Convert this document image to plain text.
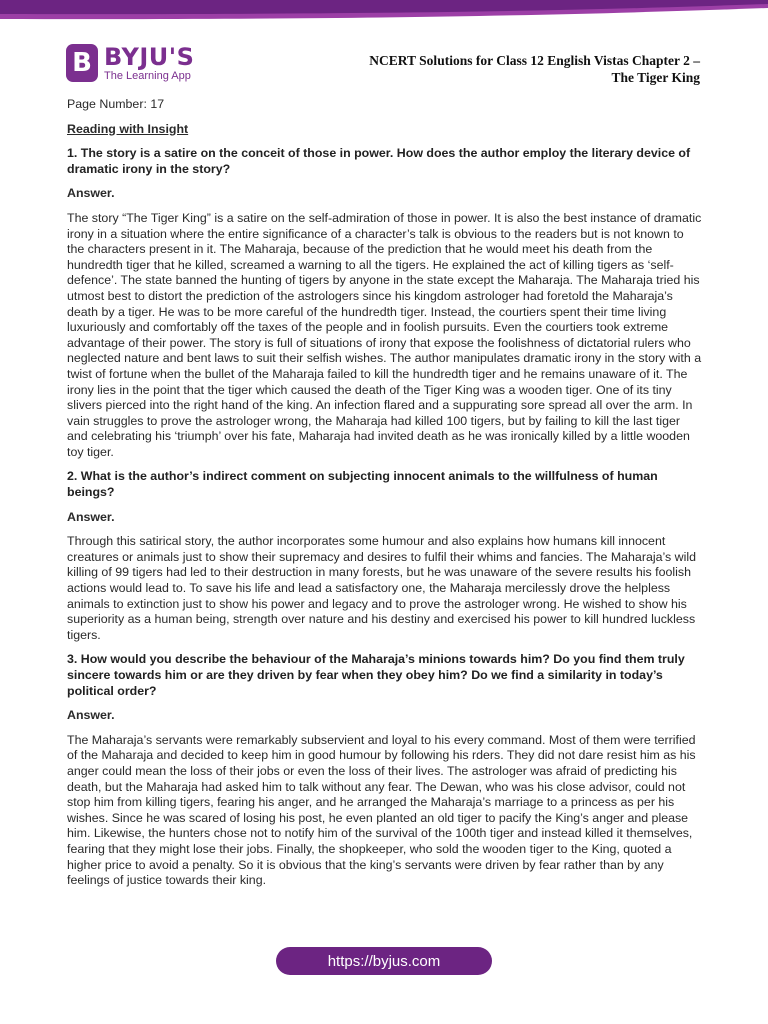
B BYJU'S
The Learning App
NCERT Solutions for Class 12 English Vistas Chapter 2 –
The Tiger King

Page Number: 17

Reading with Insight

1. The story is a satire on the conceit of those in power. How does the author employ the literary device of dramatic irony in the story?

Answer.

The story “The Tiger King” is a satire on the self-admiration of those in power. It is also the best instance of dramatic irony in a situation where the entire significance of a character’s talk is obvious to the readers but is not known to the characters present in it. The Maharaja, because of the prediction that he would meet his death from the hundredth tiger that he killed, screamed a warning to all the tigers. He explained the act of killing tigers as ‘self-defence’. The state banned the hunting of tigers by anyone in the state except the Maharaja. The Maharaja tried his utmost best to distort the prediction of the astrologers since his kingdom astrologer had foretold the Maharaja’s death by a tiger. He was to be more careful of the hundredth tiger. Instead, the courtiers spent their time living luxuriously and comfortably off the taxes of the people and in foolish pursuits. Even the courtiers took extreme advantage of their power. The story is full of situations of irony that expose the foolishness of dictatorial rulers who neglected nature and bent laws to suit their selfish wishes. The author manipulates dramatic irony in the story with a twist of fortune when the bullet of the Maharaja failed to kill the hundredth tiger and he remains unaware of it. The irony lies in the point that the tiger which caused the death of the Tiger King was a wooden tiger. One of its tiny slivers pierced into the right hand of the king. An infection flared and a suppurating sore spread all over the arm. In vain struggles to prove the astrologer wrong, the Maharaja had killed 100 tigers, but by failing to kill the last tiger and celebrating his ‘triumph’ over his fate, Maharaja had invited death as he was ironically killed by a little wooden toy tiger.

2. What is the author’s indirect comment on subjecting innocent animals to the willfulness of human beings?

Answer.

Through this satirical story, the author incorporates some humour and also explains how humans kill innocent creatures or animals just to show their supremacy and desires to fulfil their whims and fancies. The Maharaja’s wild killing of 99 tigers had led to their destruction in many forests, but he was unaware of the severe results his foolish actions would lead to. To save his life and lead a satisfactory one, the Maharaja mercilessly drove the helpless animals to extinction just to show his power and legacy and to prove the astrologer wrong. He wished to show his superiority as a human being, strength over nature and his destiny and exercised his power to kill hundred luckless tigers.

3. How would you describe the behaviour of the Maharaja’s minions towards him? Do you find them truly sincere towards him or are they driven by fear when they obey him? Do we find a similarity in today’s political order?

Answer.

The Maharaja’s servants were remarkably subservient and loyal to his every command. Most of them were terrified of the Maharaja and decided to keep him in good humour by following his rders. They did not dare resist him as his anger could mean the loss of their jobs or even the loss of their lives. The astrologer was afraid of predicting his death, but the Maharaja had asked him to talk without any fear. The Dewan, who was his close advisor, could not stop him from killing tigers, fearing his anger, and he arranged the Maharaja’s marriage to a princess as per his wishes. Since he was scared of losing his post, he even planted an old tiger to pacify the King’s anger and please him. Likewise, the hunters chose not to notify him of the survival of the 100th tiger and instead killed it themselves, fearing that they might lose their jobs. Finally, the shopkeeper, who sold the wooden tiger to the King, quoted a higher price to avoid a penalty. So it is obvious that the king’s servants were driven by fear rather than by any feelings of justice towards their king.

https://byjus.com
